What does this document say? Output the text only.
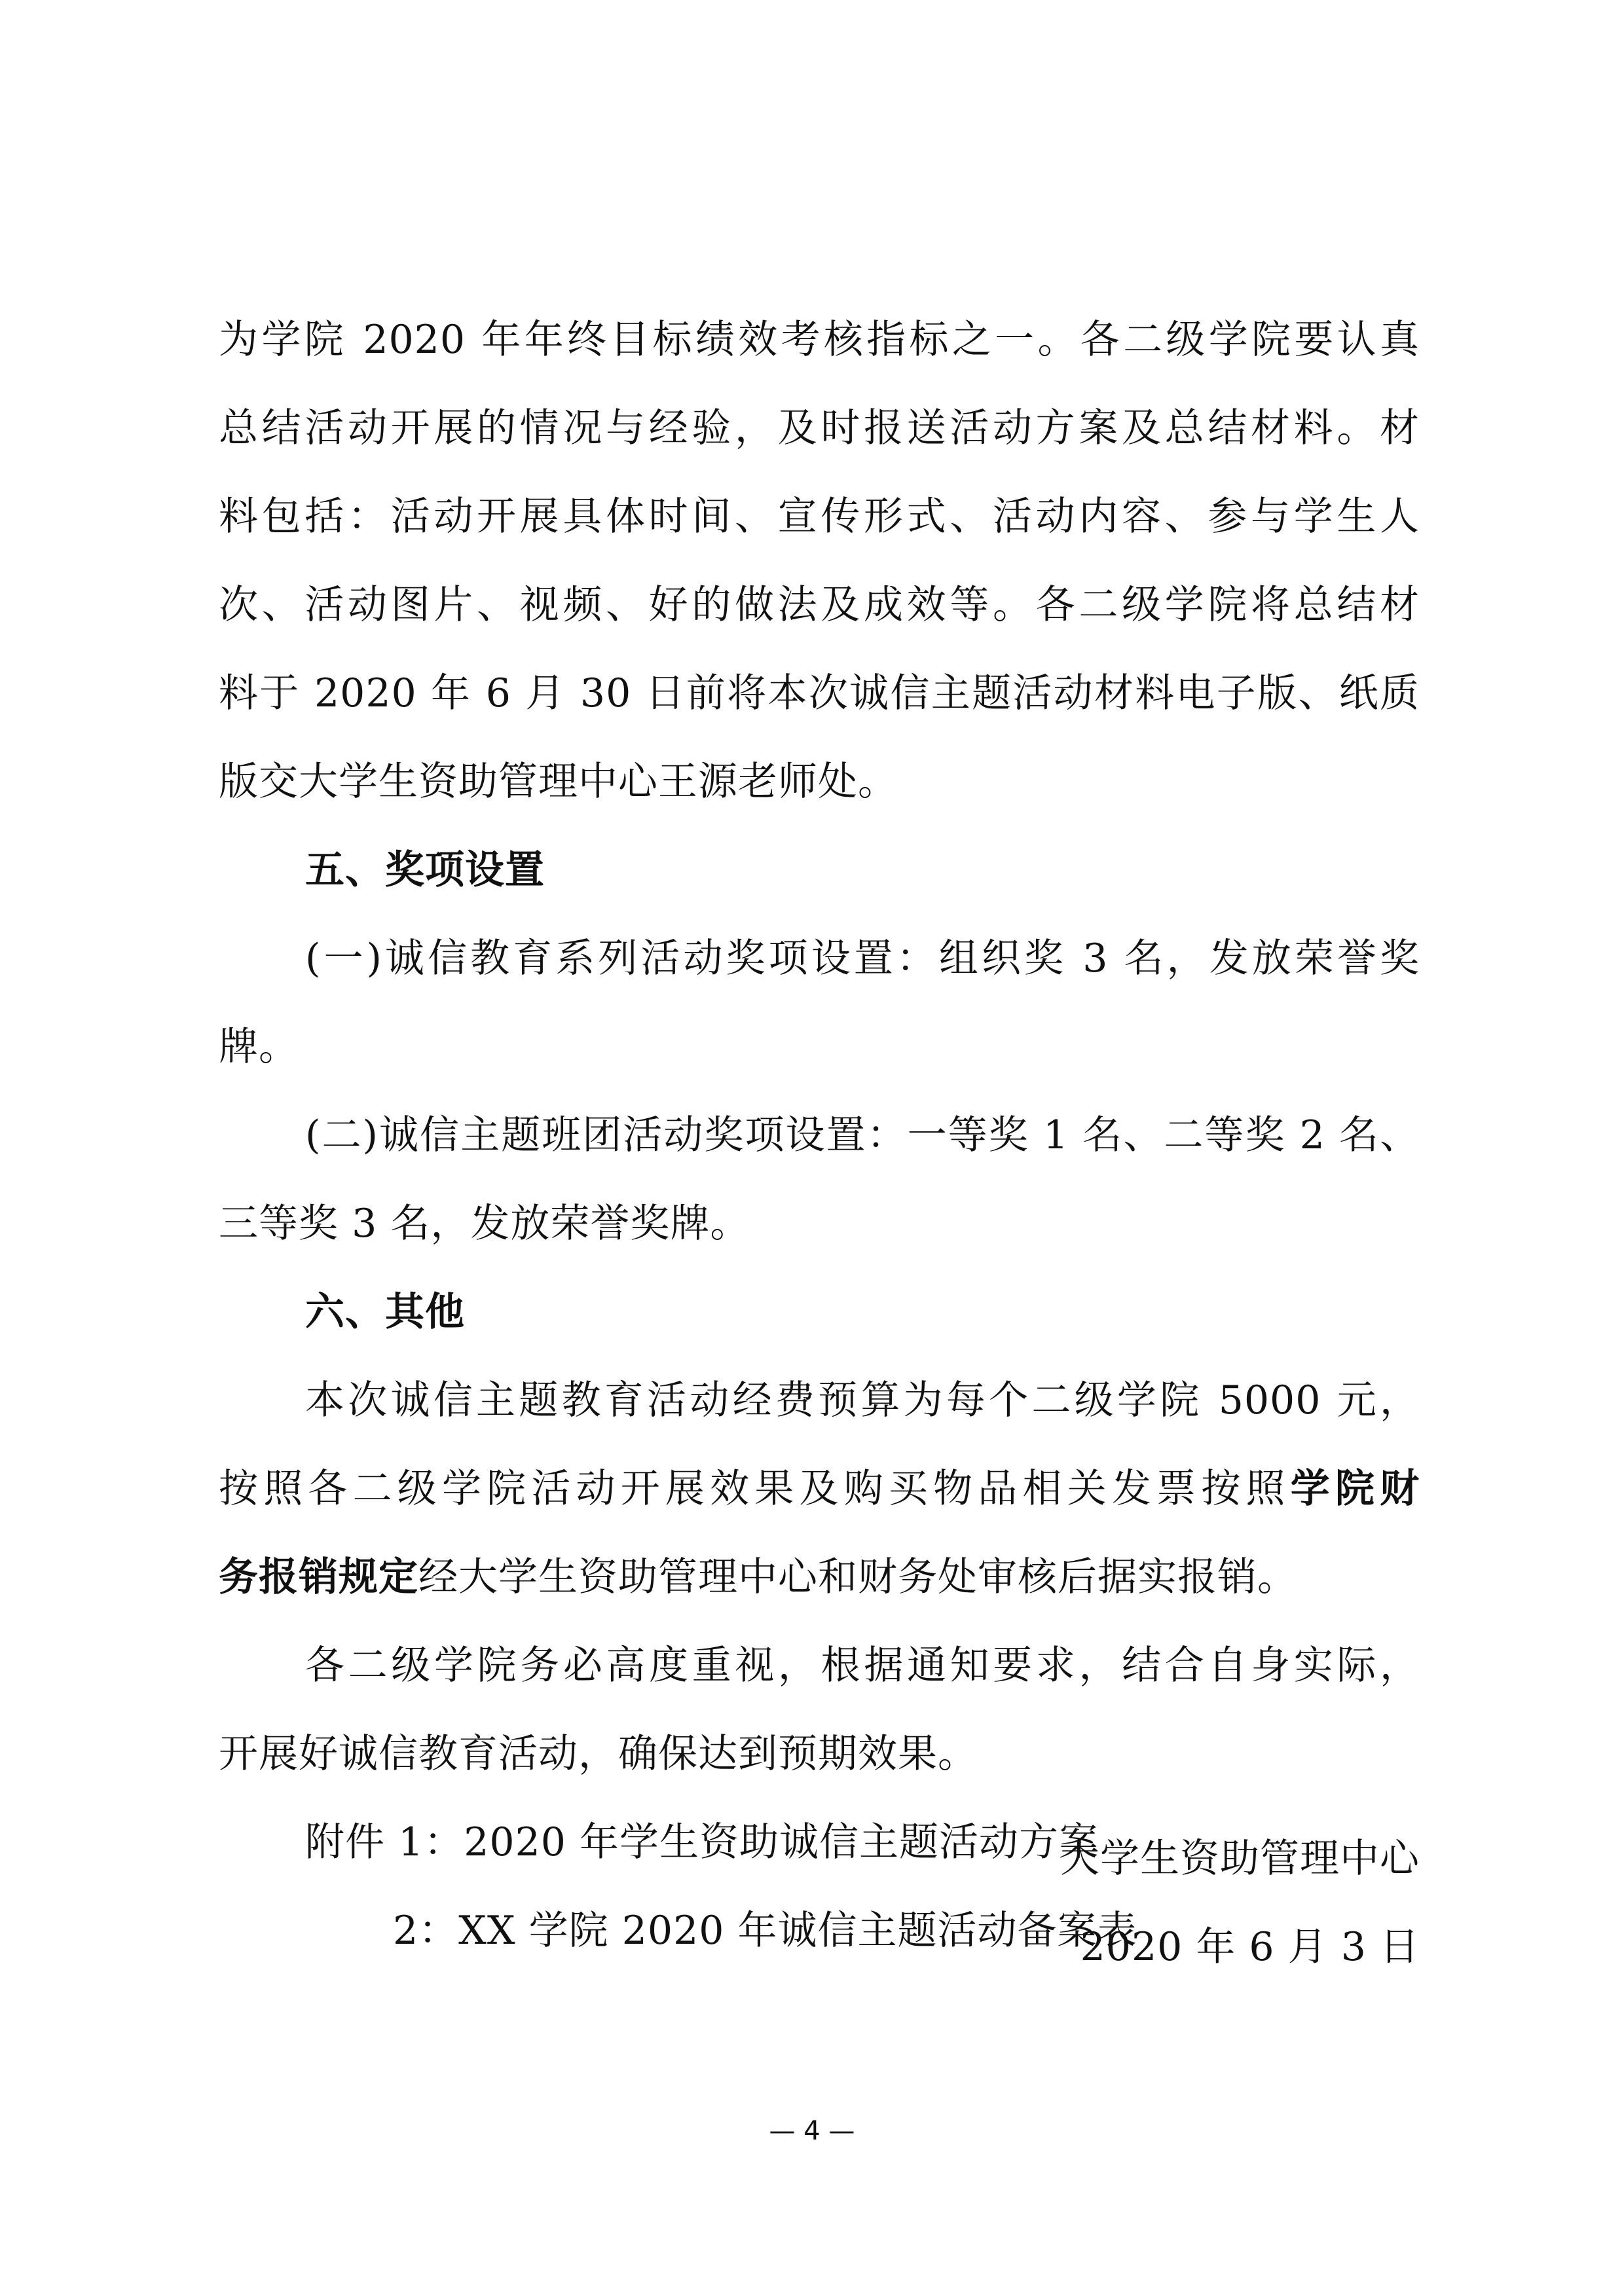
为学院 2020 年年终目标绩效考核指标之一。各二级学院要认真
总结活动开展的情况与经验，及时报送活动方案及总结材料。材
料包括：活动开展具体时间、宣传形式、活动内容、参与学生人
次、活动图片、视频、好的做法及成效等。各二级学院将总结材
料于 2020 年 6 月 30 日前将本次诚信主题活动材料电子版、纸质
版交大学生资助管理中心王源老师处。
五、奖项设置
(一)诚信教育系列活动奖项设置：组织奖 3 名，发放荣誉奖
牌。
(二)诚信主题班团活动奖项设置：一等奖 1 名、二等奖 2 名、
三等奖 3 名，发放荣誉奖牌。
六、其他
本次诚信主题教育活动经费预算为每个二级学院 5000 元，
按照各二级学院活动开展效果及购买物品相关发票按照学院财
务报销规定经大学生资助管理中心和财务处审核后据实报销。
各二级学院务必高度重视，根据通知要求，结合自身实际，
开展好诚信教育活动，确保达到预期效果。
附件 1：2020 年学生资助诚信主题活动方案
2：XX 学院 2020 年诚信主题活动备案表
大学生资助管理中心
2020 年 6 月 3 日
— 4 —
